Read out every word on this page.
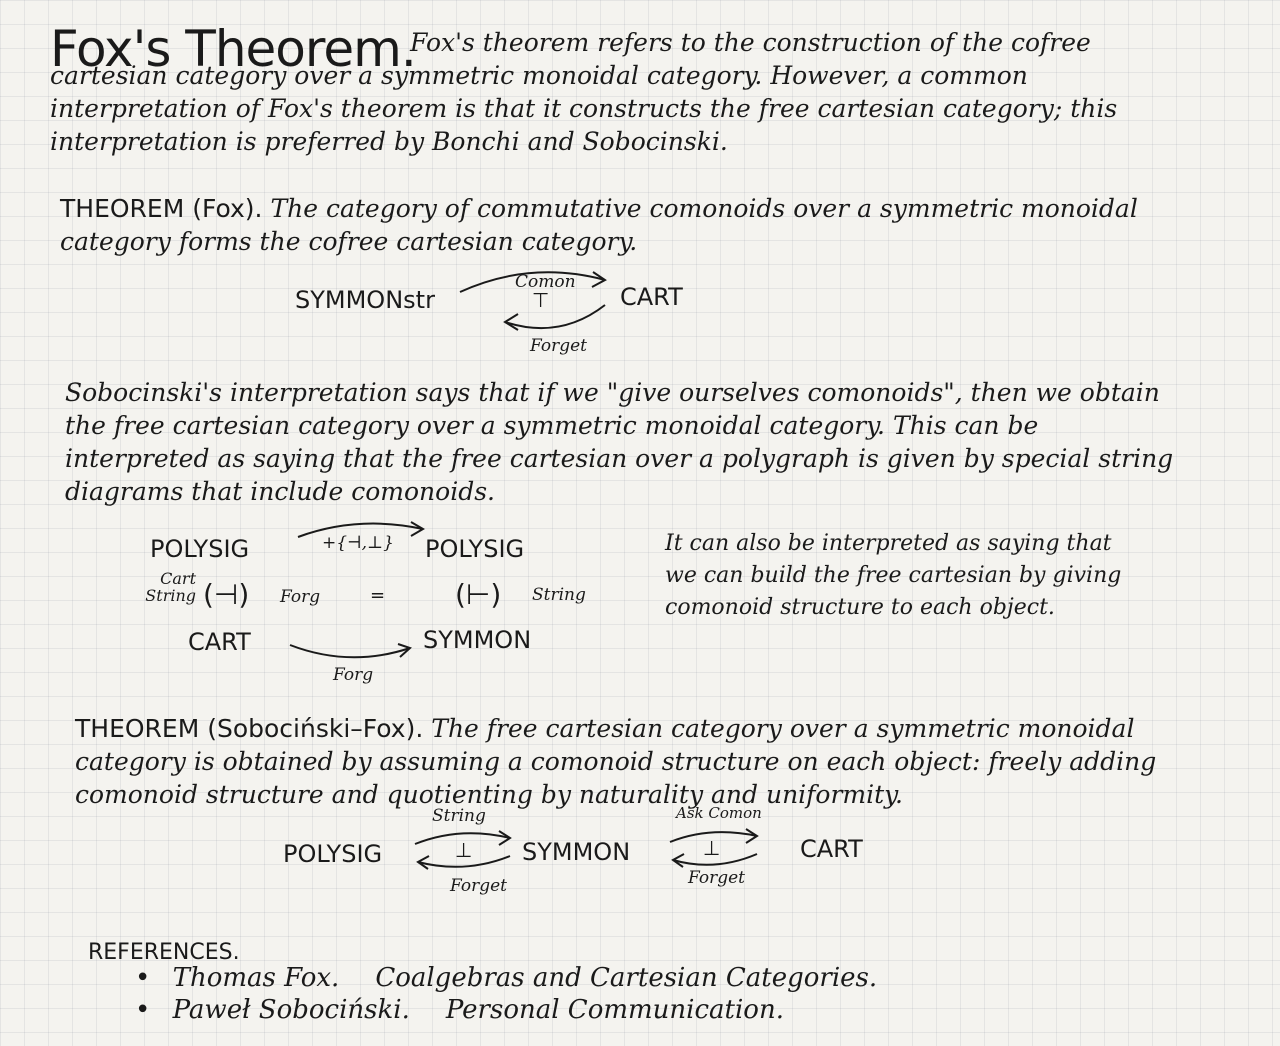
Fox's Theorem.
Fox's theorem refers to the construction of the cofree cartesian category over a symmetric monoidal category. However, a common interpretation of Fox's theorem is that it constructs the free cartesian category; this interpretation is preferred by Bonchi and Sobocinski.
THEOREM (Fox). The category of commutative comonoids over a symmetric monoidal category forms the cofree cartesian category.
SYMMONstr	CART
Comon
⊤
Forget
Sobocinski's interpretation says that if we "give ourselves comonoids", then we obtain the free cartesian category over a symmetric monoidal category. This can be interpreted as saying that the free cartesian over a polygraph is given by special string diagrams that include comonoids.
POLYSIG	+{⊣,⊥} POLYSIG
Cart String (⊣) Forg	= (⊢) String
CART	SYMMON
Forg
It can also be interpreted as saying that we can build the free cartesian by giving comonoid structure to each object.
THEOREM (Sobociński–Fox). The free cartesian category over a symmetric monoidal category is obtained by assuming a comonoid structure on each object: freely adding comonoid structure and quotienting by naturality and uniformity.
POLYSIG
String
⊥
Forget
SYMMON
Ask Comon
⊥
Forget
CART
REFERENCES.
• Thomas Fox. Coalgebras and Cartesian Categories.
• Paweł Sobociński. Personal Communication.
